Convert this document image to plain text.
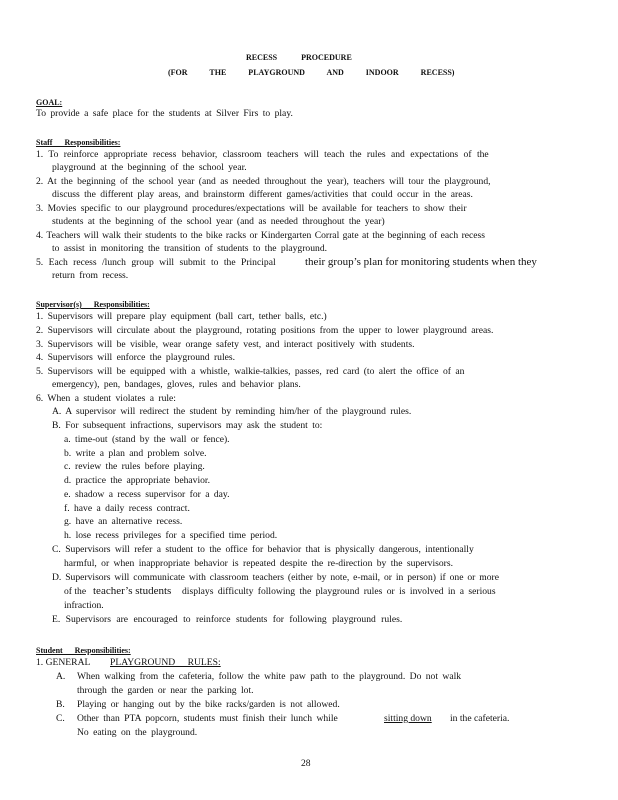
RECESS PROCEDURE
(FOR THE PLAYGROUND AND INDOOR RECESS)
GOAL:
To provide a safe place for the students at Silver Firs to play.
Staff Responsibilities:
1. To reinforce appropriate recess behavior, classroom teachers will teach the rules and expectations of the
playground at the beginning of the school year.
2. At the beginning of the school year (and as needed throughout the year), teachers will tour the playground,
discuss the different play areas, and brainstorm different games/activities that could occur in the areas.
3. Movies specific to our playground procedures/expectations will be available for teachers to show their
students at the beginning of the school year (and as needed throughout the year)
4. Teachers will walk their students to the bike racks or Kindergarten Corral gate at the beginning of each recess
to assist in monitoring the transition of students to the playground.
5. Each recess /lunch group will submit to the Principal	their group’s plan for monitoring students when they
return from recess.
Supervisor(s) Responsibilities:
1. Supervisors will prepare play equipment (ball cart, tether balls, etc.)
2. Supervisors will circulate about the playground, rotating positions from the upper to lower playground areas.
3. Supervisors will be visible, wear orange safety vest, and interact positively with students.
4. Supervisors will enforce the playground rules.
5. Supervisors will be equipped with a whistle, walkie-talkies, passes, red card (to alert the office of an
emergency), pen, bandages, gloves, rules and behavior plans.
6. When a student violates a rule:
A. A supervisor will redirect the student by reminding him/her of the playground rules.
B. For subsequent infractions, supervisors may ask the student to:
a. time-out (stand by the wall or fence).
b. write a plan and problem solve.
c. review the rules before playing.
d. practice the appropriate behavior.
e. shadow a recess supervisor for a day.
f. have a daily recess contract.
g. have an alternative recess.
h. lose recess privileges for a specified time period.
C. Supervisors will refer a student to the office for behavior that is physically dangerous, intentionally
harmful, or when inappropriate behavior is repeated despite the re-direction by the supervisors.
D. Supervisors will communicate with classroom teachers (either by note, e-mail, or in person) if one or more
of the teacher’s students displays difficulty following the playground rules or is involved in a serious
infraction.
E. Supervisors are encouraged to reinforce students for following playground rules.
Student Responsibilities:
1. GENERAL PLAYGROUND RULES:
A. When walking from the cafeteria, follow the white paw path to the playground. Do not walk
through the garden or near the parking lot.
B. Playing or hanging out by the bike racks/garden is not allowed.
C. Other than PTA popcorn, students must finish their lunch while	sitting down in the cafeteria.
No eating on the playground.
28
